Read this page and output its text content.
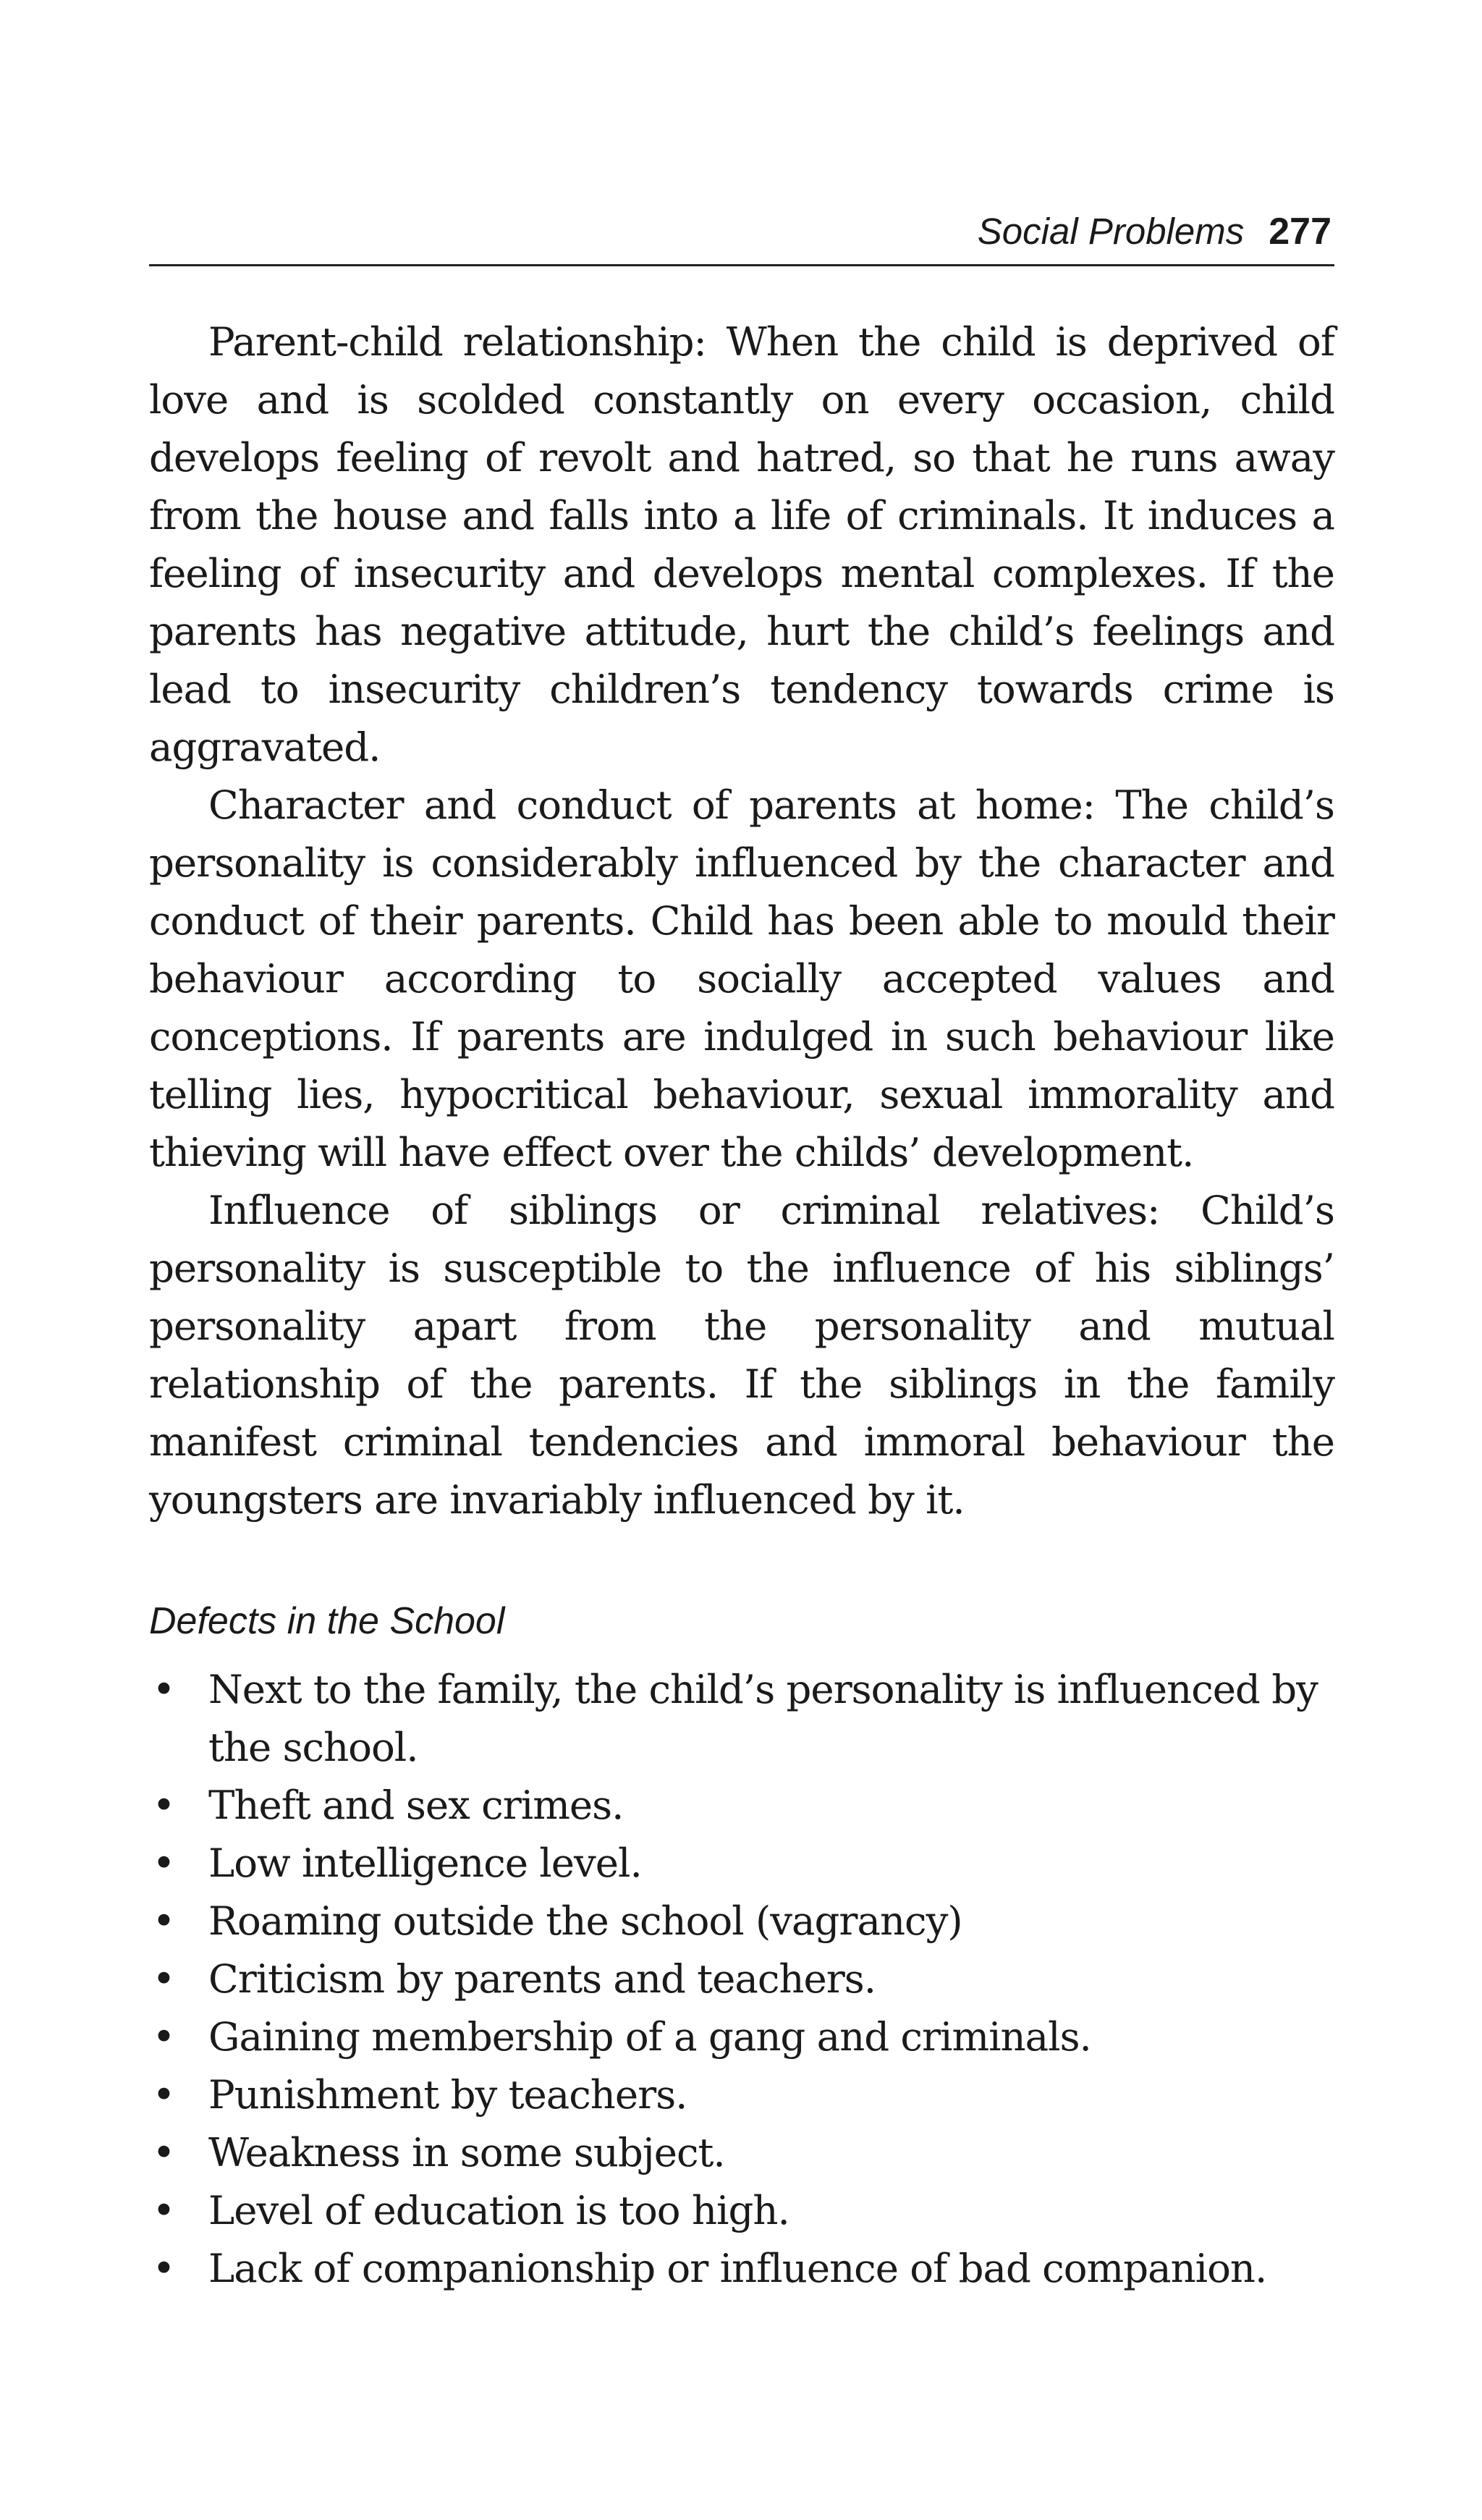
Social Problems 277

Parent-child relationship: When the child is deprived of love and is scolded constantly on every occasion, child develops feeling of revolt and hatred, so that he runs away from the house and falls into a life of criminals. It induces a feeling of insecurity and develops mental complexes. If the parents has negative attitude, hurt the child’s feelings and lead to insecurity children’s tendency towards crime is aggravated.

Character and conduct of parents at home: The child’s personality is considerably influenced by the character and conduct of their parents. Child has been able to mould their behaviour according to socially accepted values and conceptions. If parents are indulged in such behaviour like telling lies, hypocritical behaviour, sexual immorality and thieving will have effect over the childs’ development.

Influence of siblings or criminal relatives: Child’s personality is susceptible to the influence of his siblings’ personality apart from the personality and mutual relationship of the parents. If the siblings in the family manifest criminal tendencies and immoral behaviour the youngsters are invariably influenced by it.

Defects in the School
• Next to the family, the child’s personality is influenced by the school.
• Theft and sex crimes.
• Low intelligence level.
• Roaming outside the school (vagrancy)
• Criticism by parents and teachers.
• Gaining membership of a gang and criminals.
• Punishment by teachers.
• Weakness in some subject.
• Level of education is too high.
• Lack of companionship or influence of bad companion.
